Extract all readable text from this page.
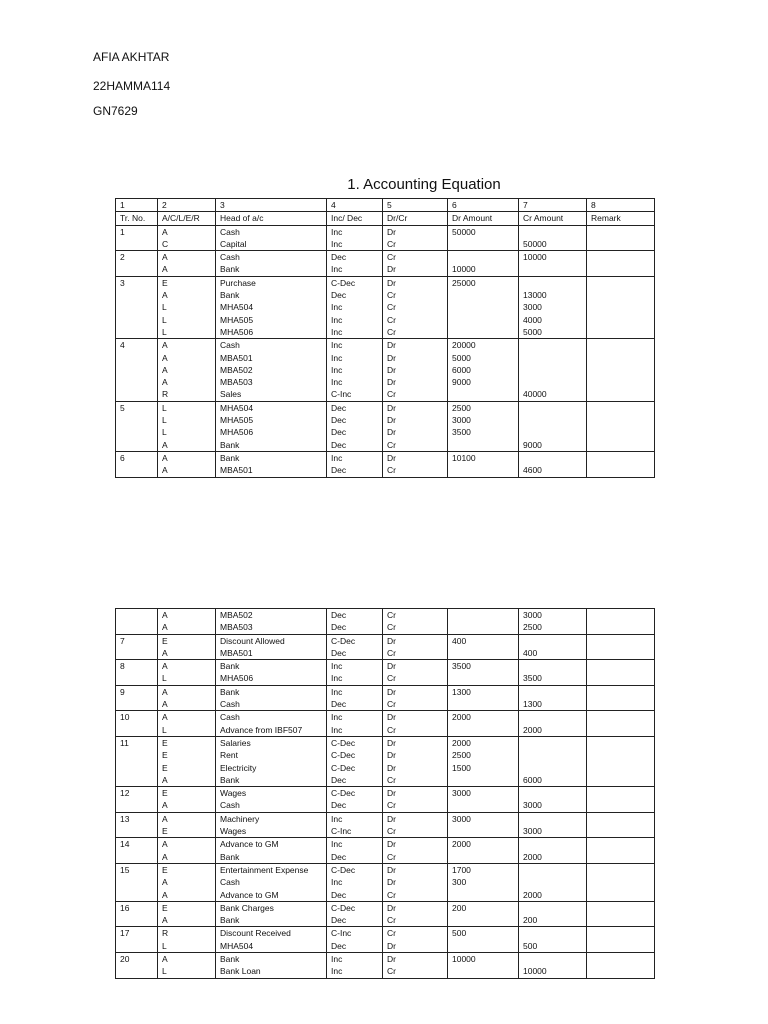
AFIA AKHTAR
22HAMMA114
GN7629
1. Accounting Equation
1	2	3	4	5	6	7	8
Tr. No.	A/C/L/E/R	Head of a/c	Inc/ Dec	Dr/Cr	Dr Amount	Cr Amount	Remark
1	A	Cash	Inc	Dr	50000		
	C	Capital	Inc	Cr		50000	
2	A	Cash	Dec	Cr		10000	
	A	Bank	Inc	Dr	10000		
3	E	Purchase	C-Dec	Dr	25000		
	A	Bank	Dec	Cr		13000	
	L	MHA504	Inc	Cr		3000	
	L	MHA505	Inc	Cr		4000	
	L	MHA506	Inc	Cr		5000	
4	A	Cash	Inc	Dr	20000		
	A	MBA501	Inc	Dr	5000		
	A	MBA502	Inc	Dr	6000		
	A	MBA503	Inc	Dr	9000		
	R	Sales	C-Inc	Cr		40000	
5	L	MHA504	Dec	Dr	2500		
	L	MHA505	Dec	Dr	3000		
	L	MHA506	Dec	Dr	3500		
	A	Bank	Dec	Cr		9000	
6	A	Bank	Inc	Dr	10100		
	A	MBA501	Dec	Cr		4600	
	A	MBA502	Dec	Cr		3000	
	A	MBA503	Dec	Cr		2500	
7	E	Discount Allowed	C-Dec	Dr	400		
	A	MBA501	Dec	Cr		400	
8	A	Bank	Inc	Dr	3500		
	L	MHA506	Inc	Cr		3500	
9	A	Bank	Inc	Dr	1300		
	A	Cash	Dec	Cr		1300	
10	A	Cash	Inc	Dr	2000		
	L	Advance from IBF507	Inc	Cr		2000	
11	E	Salaries	C-Dec	Dr	2000		
	E	Rent	C-Dec	Dr	2500		
	E	Electricity	C-Dec	Dr	1500		
	A	Bank	Dec	Cr		6000	
12	E	Wages	C-Dec	Dr	3000		
	A	Cash	Dec	Cr		3000	
13	A	Machinery	Inc	Dr	3000		
	E	Wages	C-Inc	Cr		3000	
14	A	Advance to GM	Inc	Dr	2000		
	A	Bank	Dec	Cr		2000	
15	E	Entertainment Expense	C-Dec	Dr	1700		
	A	Cash	Inc	Dr	300		
	A	Advance to GM	Dec	Cr		2000	
16	E	Bank Charges	C-Dec	Dr	200		
	A	Bank	Dec	Cr		200	
17	R	Discount Received	C-Inc	Cr	500		
	L	MHA504	Dec	Dr		500	
20	A	Bank	Inc	Dr	10000		
	L	Bank Loan	Inc	Cr		10000	
